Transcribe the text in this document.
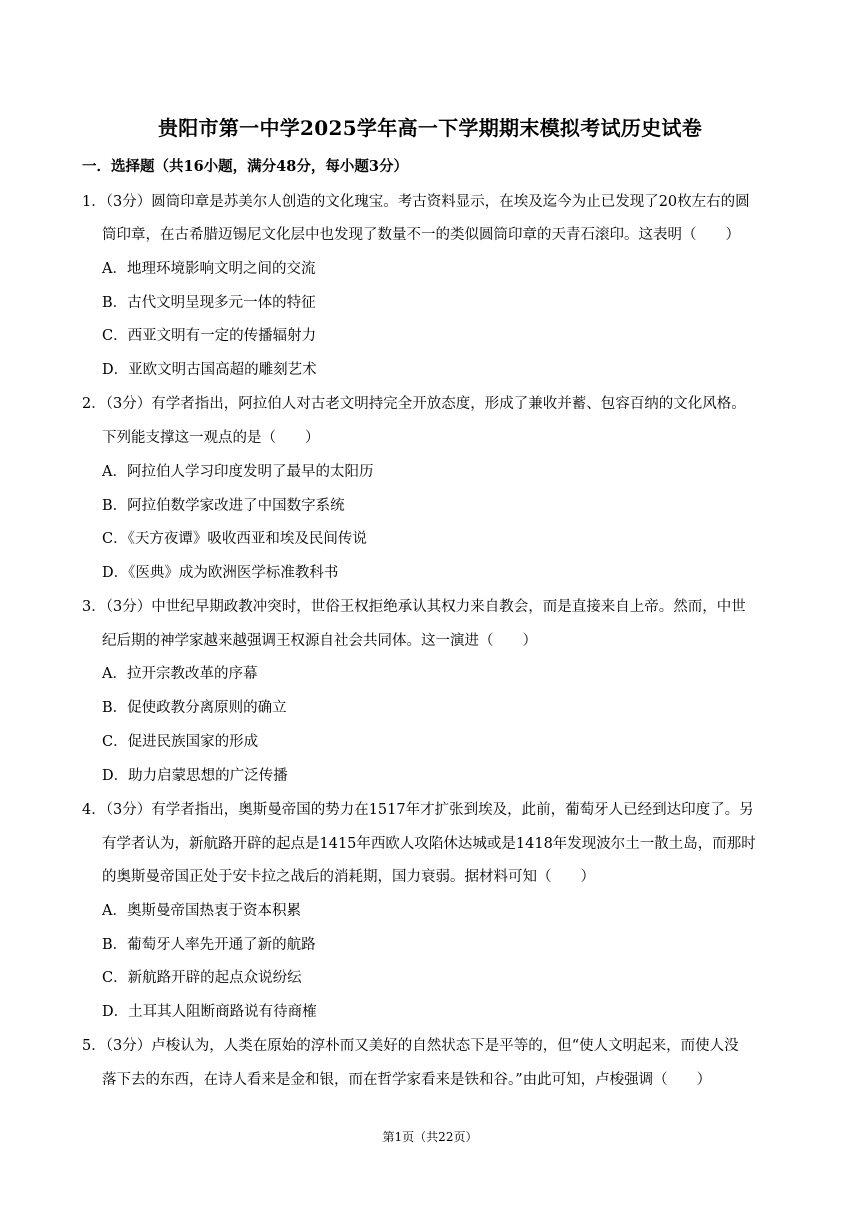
贵阳市第一中学2025学年高一下学期期末模拟考试历史试卷
一．选择题（共16小题，满分48分，每小题3分）
1．（3分）圆筒印章是苏美尔人创造的文化瑰宝。考古资料显示，在埃及迄今为止已发现了20枚左右的圆
筒印章，在古希腊迈锡尼文化层中也发现了数量不一的类似圆筒印章的天青石滚印。这表明（　　）
A．地理环境影响文明之间的交流
B．古代文明呈现多元一体的特征
C．西亚文明有一定的传播辐射力
D．亚欧文明古国高超的雕刻艺术
2．（3分）有学者指出，阿拉伯人对古老文明持完全开放态度，形成了兼收并蓄、包容百纳的文化风格。
下列能支撑这一观点的是（　　）
A．阿拉伯人学习印度发明了最早的太阳历
B．阿拉伯数学家改进了中国数字系统
C．《天方夜谭》吸收西亚和埃及民间传说
D．《医典》成为欧洲医学标准教科书
3．（3分）中世纪早期政教冲突时，世俗王权拒绝承认其权力来自教会，而是直接来自上帝。然而，中世
纪后期的神学家越来越强调王权源自社会共同体。这一演进（　　）
A．拉开宗教改革的序幕
B．促使政教分离原则的确立
C．促进民族国家的形成
D．助力启蒙思想的广泛传播
4．（3分）有学者指出，奥斯曼帝国的势力在1517年才扩张到埃及，此前，葡萄牙人已经到达印度了。另
有学者认为，新航路开辟的起点是1415年西欧人攻陷休达城或是1418年发现波尔土一散土岛，而那时
的奥斯曼帝国正处于安卡拉之战后的消耗期，国力衰弱。据材料可知（　　）
A．奥斯曼帝国热衷于资本积累
B．葡萄牙人率先开通了新的航路
C．新航路开辟的起点众说纷纭
D．土耳其人阻断商路说有待商榷
5．（3分）卢梭认为，人类在原始的淳朴而又美好的自然状态下是平等的，但“使人文明起来，而使人没
落下去的东西，在诗人看来是金和银，而在哲学家看来是铁和谷。”由此可知，卢梭强调（　　）
第1页（共22页）
